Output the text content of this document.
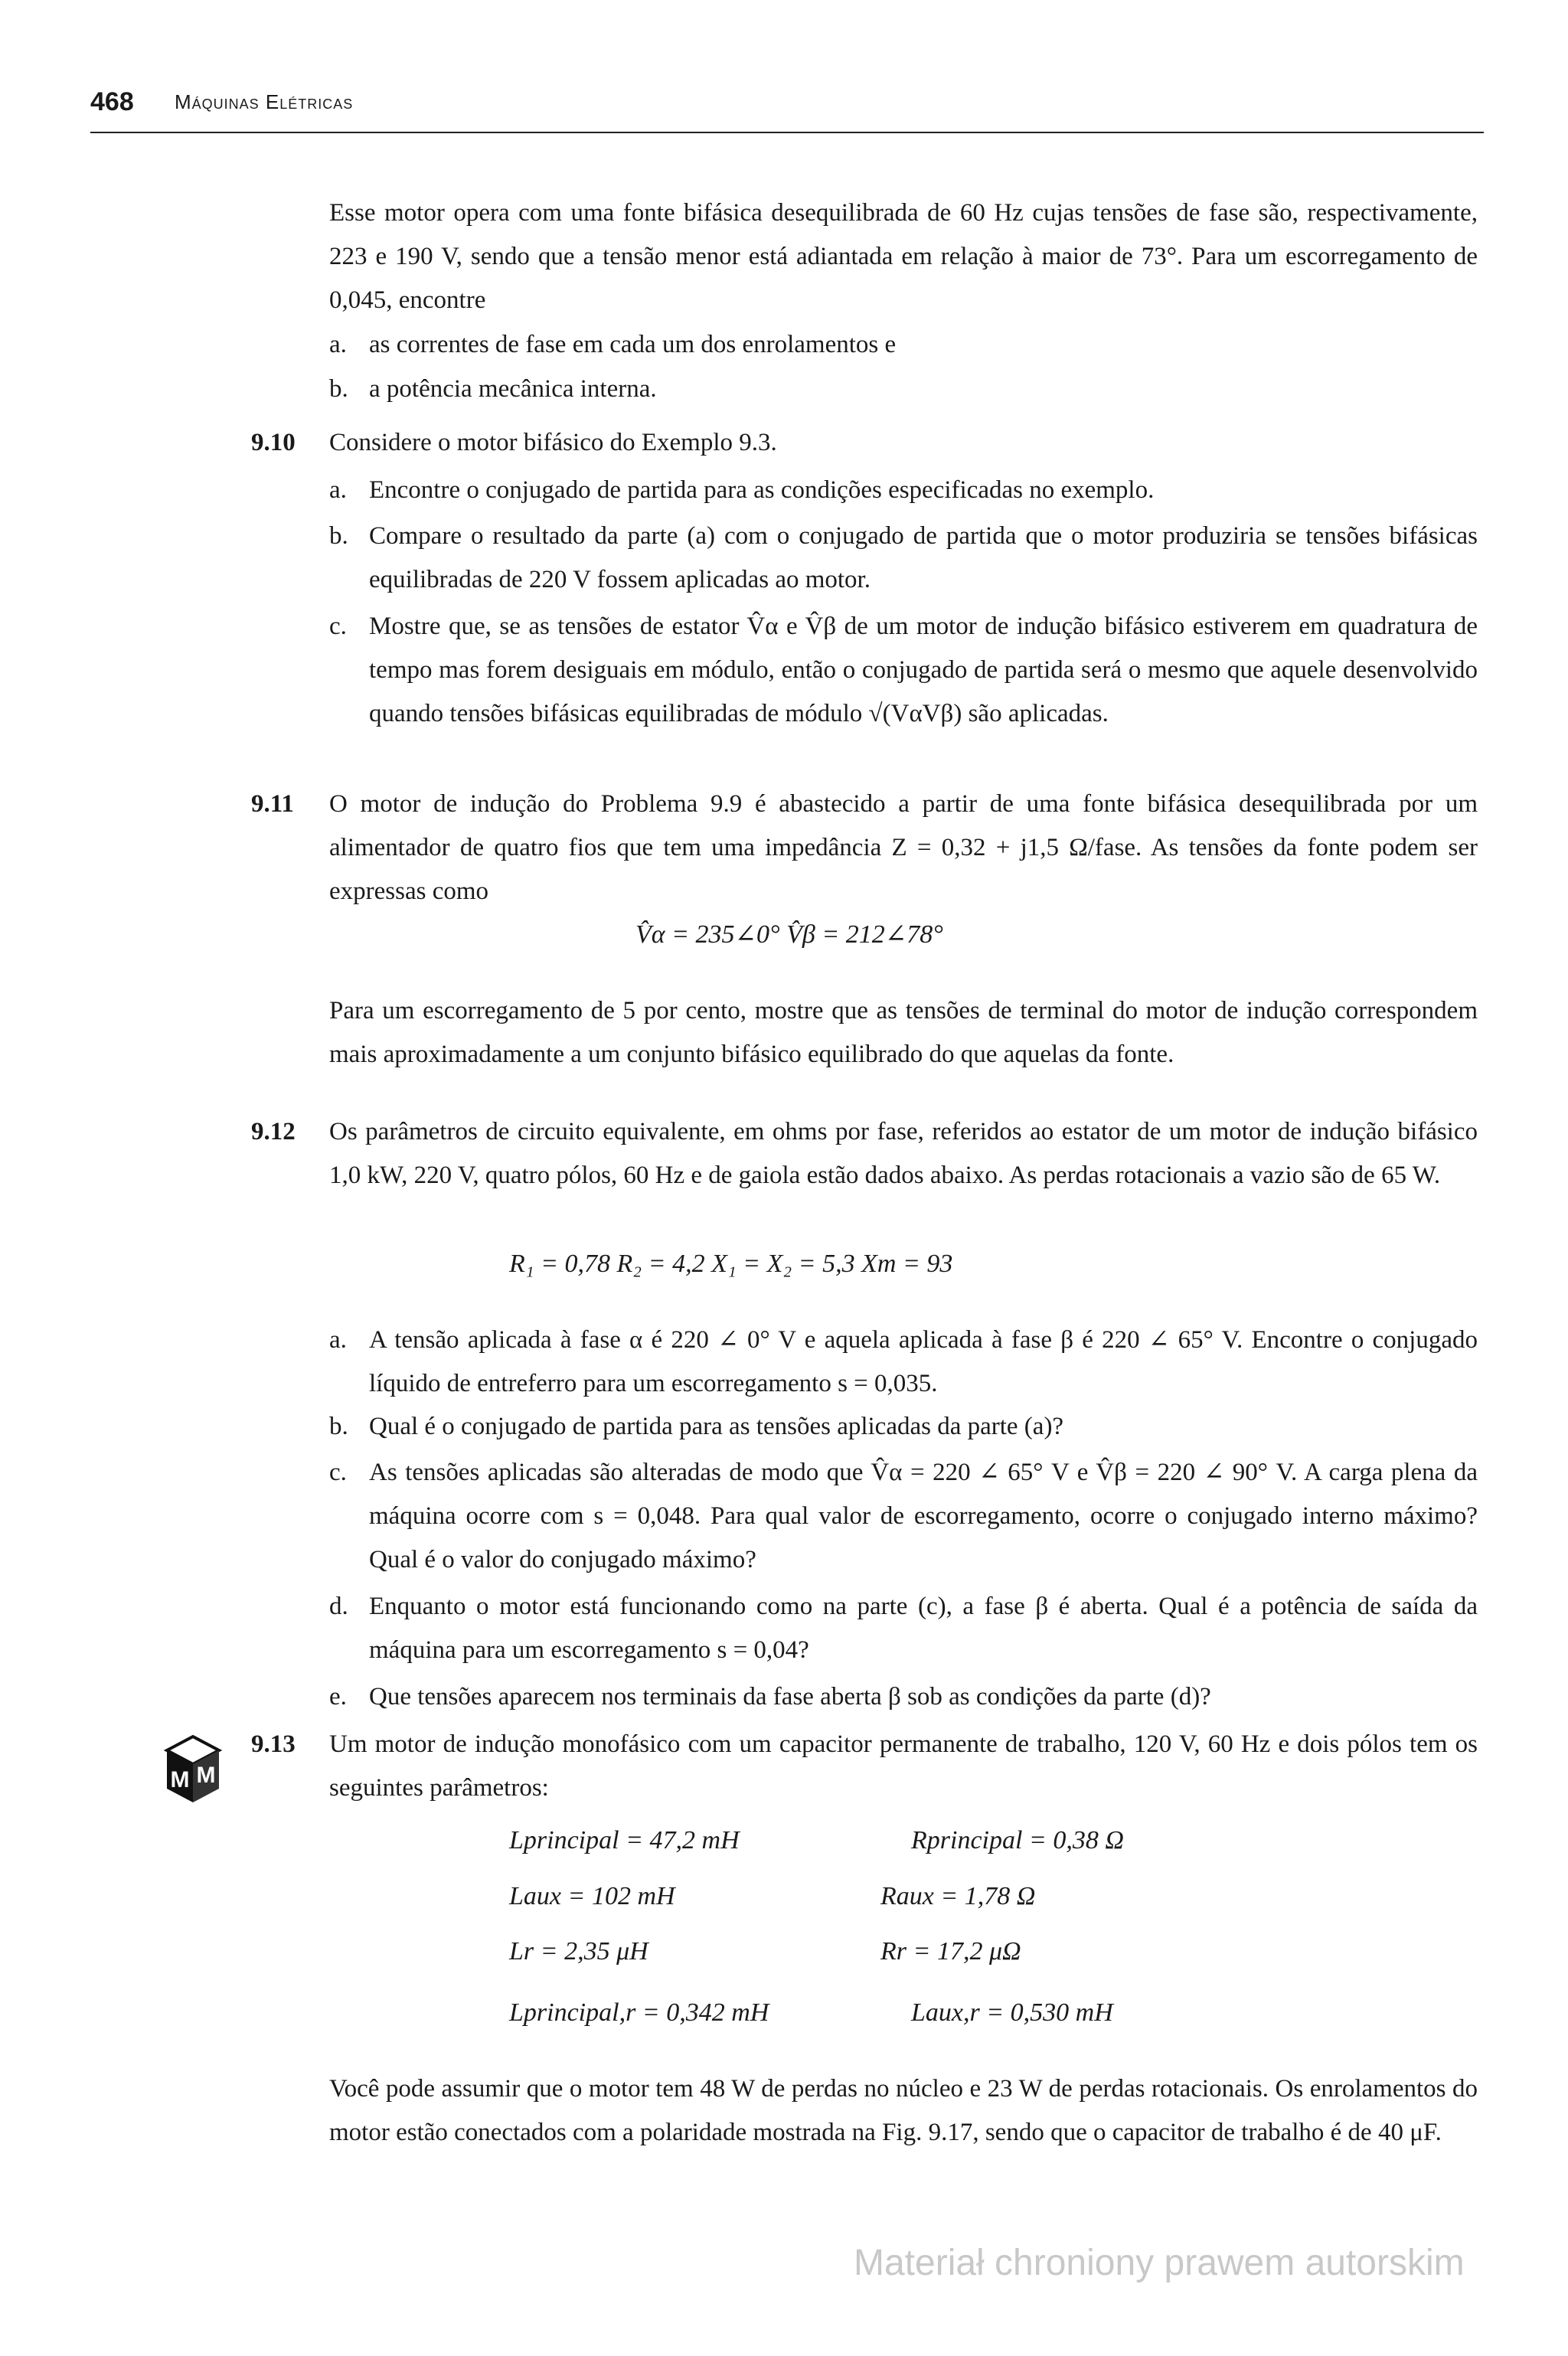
468 Máquinas Elétricas
Esse motor opera com uma fonte bifásica desequilibrada de 60 Hz cujas tensões de fase são, respectivamente, 223 e 190 V, sendo que a tensão menor está adiantada em relação à maior de 73°. Para um escorregamento de 0,045, encontre
a. as correntes de fase em cada um dos enrolamentos e
b. a potência mecânica interna.
9.10 Considere o motor bifásico do Exemplo 9.3.
a. Encontre o conjugado de partida para as condições especificadas no exemplo.
b. Compare o resultado da parte (a) com o conjugado de partida que o motor produziria se tensões bifásicas equilibradas de 220 V fossem aplicadas ao motor.
c. Mostre que, se as tensões de estator V̂α e V̂β de um motor de indução bifásico estiverem em quadratura de tempo mas forem desiguais em módulo, então o conjugado de partida será o mesmo que aquele desenvolvido quando tensões bifásicas equilibradas de módulo √(VαVβ) são aplicadas.
9.11 O motor de indução do Problema 9.9 é abastecido a partir de uma fonte bifásica desequilibrada por um alimentador de quatro fios que tem uma impedância Z = 0,32 + j1,5 Ω/fase. As tensões da fonte podem ser expressas como
V̂α = 235∠0° V̂β = 212∠78°
Para um escorregamento de 5 por cento, mostre que as tensões de terminal do motor de indução correspondem mais aproximadamente a um conjunto bifásico equilibrado do que aquelas da fonte.
9.12 Os parâmetros de circuito equivalente, em ohms por fase, referidos ao estator de um motor de indução bifásico 1,0 kW, 220 V, quatro pólos, 60 Hz e de gaiola estão dados abaixo. As perdas rotacionais a vazio são de 65 W.
R₁ = 0,78 R₂ = 4,2 X₁ = X₂ = 5,3 Xm = 93
a. A tensão aplicada à fase α é 220 ∠ 0° V e aquela aplicada à fase β é 220 ∠ 65° V. Encontre o conjugado líquido de entreferro para um escorregamento s = 0,035.
b. Qual é o conjugado de partida para as tensões aplicadas da parte (a)?
c. As tensões aplicadas são alteradas de modo que V̂α = 220 ∠ 65° V e V̂β = 220 ∠ 90° V. A carga plena da máquina ocorre com s = 0,048. Para qual valor de escorregamento, ocorre o conjugado interno máximo? Qual é o valor do conjugado máximo?
d. Enquanto o motor está funcionando como na parte (c), a fase β é aberta. Qual é a potência de saída da máquina para um escorregamento s = 0,04?
e. Que tensões aparecem nos terminais da fase aberta β sob as condições da parte (d)?
M M
9.13 Um motor de indução monofásico com um capacitor permanente de trabalho, 120 V, 60 Hz e dois pólos tem os seguintes parâmetros:
Lprincipal = 47,2 mH	Rprincipal = 0,38 Ω
Laux = 102 mH	Raux = 1,78 Ω
Lr = 2,35 μH	Rr = 17,2 μΩ
Lprincipal,r = 0,342 mH	Laux,r = 0,530 mH
Você pode assumir que o motor tem 48 W de perdas no núcleo e 23 W de perdas rotacionais. Os enrolamentos do motor estão conectados com a polaridade mostrada na Fig. 9.17, sendo que o capacitor de trabalho é de 40 μF.
Materiał chroniony prawem autorskim
